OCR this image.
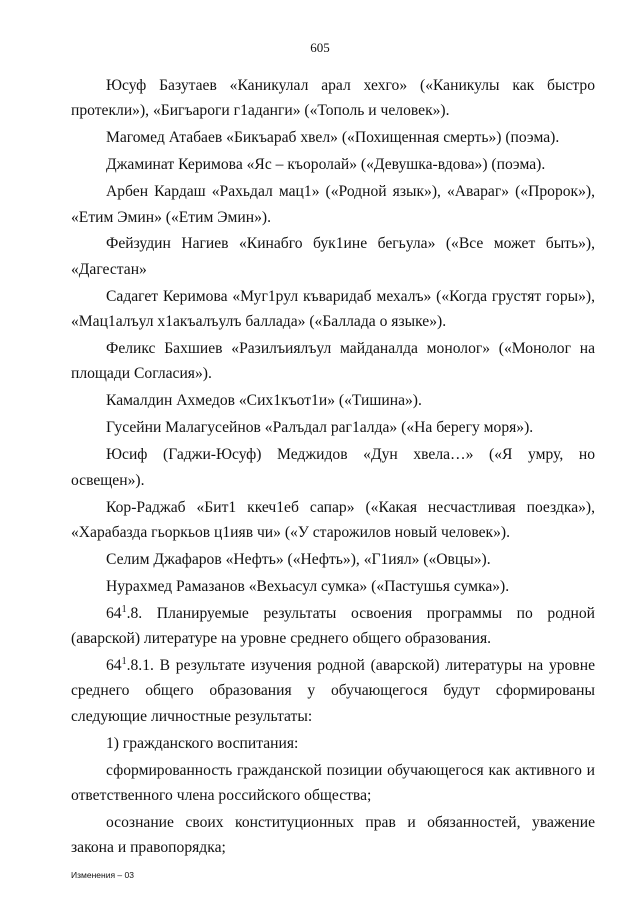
605

Юсуф Базутаев «Каникулал арал хехго» («Каникулы как быстро протекли»), «Бигъароги г1аданги» («Тополь и человек»).

Магомед Атабаев «Бикъараб хвел» («Похищенная смерть») (поэма).

Джаминат Керимова «Яс – къоролай» («Девушка-вдова») (поэма).

Арбен Кардаш «Рахьдал мац1» («Родной язык»), «Авараг» («Пророк»), «Етим Эмин» («Етим Эмин»).

Фейзудин Нагиев «Кинабго бук1ине бегьула» («Все может быть»), «Дагестан»

Садагет Керимова «Муг1рул къваридаб мехалъ» («Когда грустят горы»), «Мац1алъул х1акъалъулъ баллада» («Баллада о языке»).

Феликс Бахшиев «Разилъиялъул майданалда монолог» («Монолог на площади Согласия»).

Камалдин Ахмедов «Сих1къот1и» («Тишина»).

Гусейни Малагусейнов «Ралъдал раг1алда» («На берегу моря»).

Юсиф (Гаджи-Юсуф) Меджидов «Дун хвела…» («Я умру, но освещен»).

Кор-Раджаб «Бит1 ккеч1еб сапар» («Какая несчастливая поездка»), «Харабазда гьоркьов ц1ияв чи» («У старожилов новый человек»).

Селим Джафаров «Нефть» («Нефть»), «Г1иял» («Овцы»).

Нурахмед Рамазанов «Вехьасул сумка» («Пастушья сумка»).

$64^1.8$. Планируемые результаты освоения программы по родной (аварской) литературе на уровне среднего общего образования.

$64^1.8.1$. В результате изучения родной (аварской) литературы на уровне среднего общего образования у обучающегося будут сформированы следующие личностные результаты:

1) гражданского воспитания:

сформированность гражданской позиции обучающегося как активного и ответственного члена российского общества;

осознание своих конституционных прав и обязанностей, уважение закона и правопорядка;

Изменения – 03
